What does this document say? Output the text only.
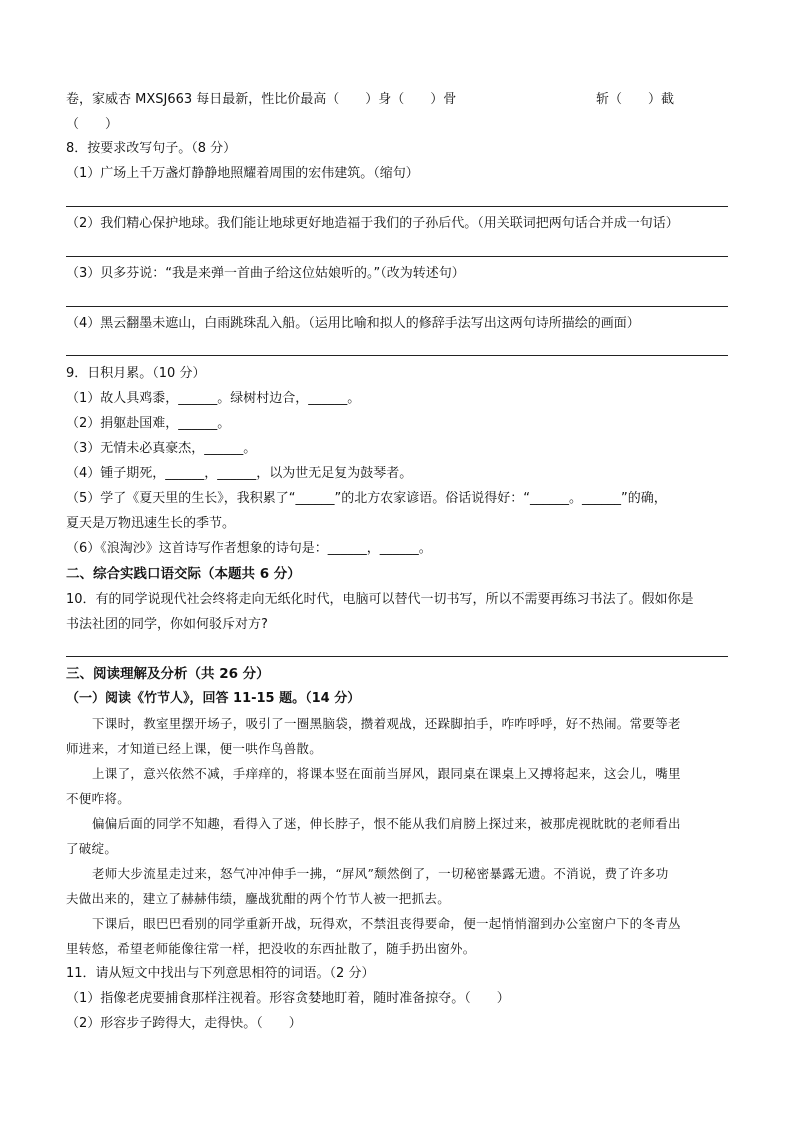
卷，家威杏 MXSJ663 每日最新，性比价最高（　　）身（　　）骨	斩（　　）截
（　　）
8．按要求改写句子。（8 分）
（1）广场上千万盏灯静静地照耀着周围的宏伟建筑。（缩句）
（2）我们精心保护地球。我们能让地球更好地造福于我们的子孙后代。（用关联词把两句话合并成一句话）
（3）贝多芬说：“我是来弹一首曲子给这位姑娘听的。”（改为转述句）
（4）黑云翻墨未遮山，白雨跳珠乱入船。（运用比喻和拟人的修辞手法写出这两句诗所描绘的画面）
9．日积月累。（10 分）
（1）故人具鸡黍，______。绿树村边合，______。
（2）捐躯赴国难，______。
（3）无情未必真豪杰，______。
（4）锺子期死，______，______，以为世无足复为鼓琴者。
（5）学了《夏天里的生长》，我积累了“______”的北方农家谚语。俗话说得好：“______。______”的确，
夏天是万物迅速生长的季节。
（6）《浪淘沙》这首诗写作者想象的诗句是：______，______。
二、综合实践口语交际（本题共 6 分）
10．有的同学说现代社会终将走向无纸化时代，电脑可以替代一切书写，所以不需要再练习书法了。假如你是
书法社团的同学，你如何驳斥对方?
三、阅读理解及分析（共 26 分）
（一）阅读《竹节人》，回答 11-15 题。（14 分）
下课时，教室里摆开场子，吸引了一圈黑脑袋，攒着观战，还跺脚拍手，咋咋呼呼，好不热闹。常要等老
师进来，才知道已经上课，便一哄作鸟兽散。
上课了，意兴依然不减，手痒痒的，将课本竖在面前当屏风，跟同桌在课桌上又搏将起来，这会儿，嘴里
不便咋将。
偏偏后面的同学不知趣，看得入了迷，伸长脖子，恨不能从我们肩膀上探过来，被那虎视眈眈的老师看出
了破绽。
老师大步流星走过来，怒气冲冲伸手一拂，“屏风”颓然倒了，一切秘密暴露无遗。不消说，费了许多功
夫做出来的，建立了赫赫伟绩，鏖战犹酣的两个竹节人被一把抓去。
下课后，眼巴巴看别的同学重新开战，玩得欢，不禁沮丧得要命，便一起悄悄溜到办公室窗户下的冬青丛
里转悠，希望老师能像往常一样，把没收的东西扯散了，随手扔出窗外。
11．请从短文中找出与下列意思相符的词语。（2 分）
（1）指像老虎要捕食那样注视着。形容贪婪地盯着，随时准备掠夺。（　　）
（2）形容步子跨得大，走得快。（　　）
